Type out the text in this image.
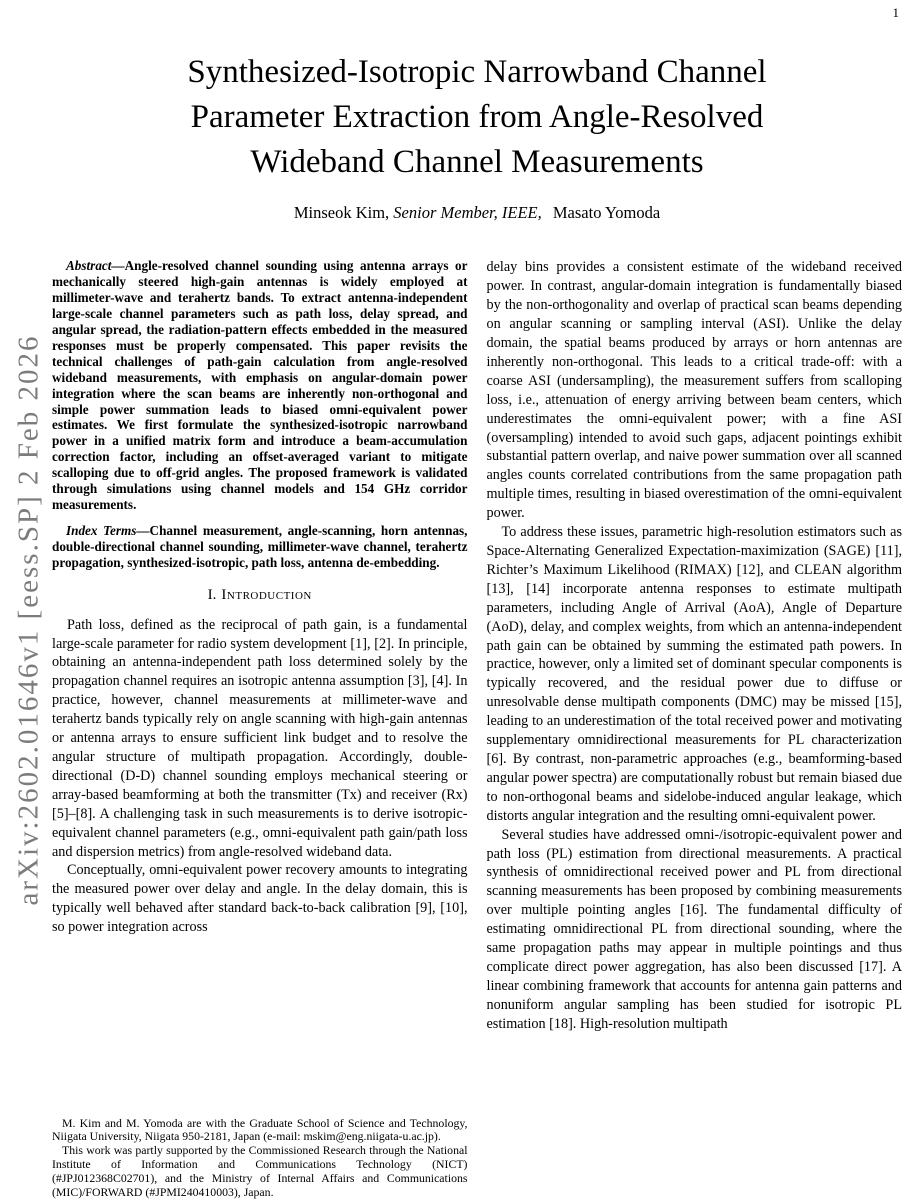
1
arXiv:2602.01646v1 [eess.SP] 2 Feb 2026
Synthesized-Isotropic Narrowband Channel
Parameter Extraction from Angle-Resolved
Wideband Channel Measurements
Minseok Kim, Senior Member, IEEE, Masato Yomoda

Abstract—Angle-resolved channel sounding using antenna arrays or mechanically steered high-gain antennas is widely employed at millimeter-wave and terahertz bands. To extract antenna-independent large-scale channel parameters such as path loss, delay spread, and angular spread, the radiation-pattern effects embedded in the measured responses must be properly compensated. This paper revisits the technical challenges of path-gain calculation from angle-resolved wideband measurements, with emphasis on angular-domain power integration where the scan beams are inherently non-orthogonal and simple power summation leads to biased omni-equivalent power estimates. We first formulate the synthesized-isotropic narrowband power in a unified matrix form and introduce a beam-accumulation correction factor, including an offset-averaged variant to mitigate scalloping due to off-grid angles. The proposed framework is validated through simulations using channel models and 154 GHz corridor measurements.

Index Terms—Channel measurement, angle-scanning, horn antennas, double-directional channel sounding, millimeter-wave channel, terahertz propagation, synthesized-isotropic, path loss, antenna de-embedding.

I. Introduction

Path loss, defined as the reciprocal of path gain, is a fundamental large-scale parameter for radio system development [1], [2]. In principle, obtaining an antenna-independent path loss determined solely by the propagation channel requires an isotropic antenna assumption [3], [4]. In practice, however, channel measurements at millimeter-wave and terahertz bands typically rely on angle scanning with high-gain antennas or antenna arrays to ensure sufficient link budget and to resolve the angular structure of multipath propagation. Accordingly, double-directional (D-D) channel sounding employs mechanical steering or array-based beamforming at both the transmitter (Tx) and receiver (Rx) [5]–[8]. A challenging task in such measurements is to derive isotropic-equivalent channel parameters (e.g., omni-equivalent path gain/path loss and dispersion metrics) from angle-resolved wideband data.

Conceptually, omni-equivalent power recovery amounts to integrating the measured power over delay and angle. In the delay domain, this is typically well behaved after standard back-to-back calibration [9], [10], so power integration across

M. Kim and M. Yomoda are with the Graduate School of Science and Technology, Niigata University, Niigata 950-2181, Japan (e-mail: mskim@eng.niigata-u.ac.jp).

This work was partly supported by the Commissioned Research through the National Institute of Information and Communications Technology (NICT) (#JPJ012368C02701), and the Ministry of Internal Affairs and Communications (MIC)/FORWARD (#JPMI240410003), Japan.

delay bins provides a consistent estimate of the wideband received power. In contrast, angular-domain integration is fundamentally biased by the non-orthogonality and overlap of practical scan beams depending on angular scanning or sampling interval (ASI). Unlike the delay domain, the spatial beams produced by arrays or horn antennas are inherently non-orthogonal. This leads to a critical trade-off: with a coarse ASI (undersampling), the measurement suffers from scalloping loss, i.e., attenuation of energy arriving between beam centers, which underestimates the omni-equivalent power; with a fine ASI (oversampling) intended to avoid such gaps, adjacent pointings exhibit substantial pattern overlap, and naive power summation over all scanned angles counts correlated contributions from the same propagation path multiple times, resulting in biased overestimation of the omni-equivalent power.

To address these issues, parametric high-resolution estimators such as Space-Alternating Generalized Expectation-maximization (SAGE) [11], Richter’s Maximum Likelihood (RIMAX) [12], and CLEAN algorithm [13], [14] incorporate antenna responses to estimate multipath parameters, including Angle of Arrival (AoA), Angle of Departure (AoD), delay, and complex weights, from which an antenna-independent path gain can be obtained by summing the estimated path powers. In practice, however, only a limited set of dominant specular components is typically recovered, and the residual power due to diffuse or unresolvable dense multipath components (DMC) may be missed [15], leading to an underestimation of the total received power and motivating supplementary omnidirectional measurements for PL characterization [6]. By contrast, non-parametric approaches (e.g., beamforming-based angular power spectra) are computationally robust but remain biased due to non-orthogonal beams and sidelobe-induced angular leakage, which distorts angular integration and the resulting omni-equivalent power.

Several studies have addressed omni-/isotropic-equivalent power and path loss (PL) estimation from directional measurements. A practical synthesis of omnidirectional received power and PL from directional scanning measurements has been proposed by combining measurements over multiple pointing angles [16]. The fundamental difficulty of estimating omnidirectional PL from directional sounding, where the same propagation paths may appear in multiple pointings and thus complicate direct power aggregation, has also been discussed [17]. A linear combining framework that accounts for antenna gain patterns and nonuniform angular sampling has been studied for isotropic PL estimation [18]. High-resolution multipath
